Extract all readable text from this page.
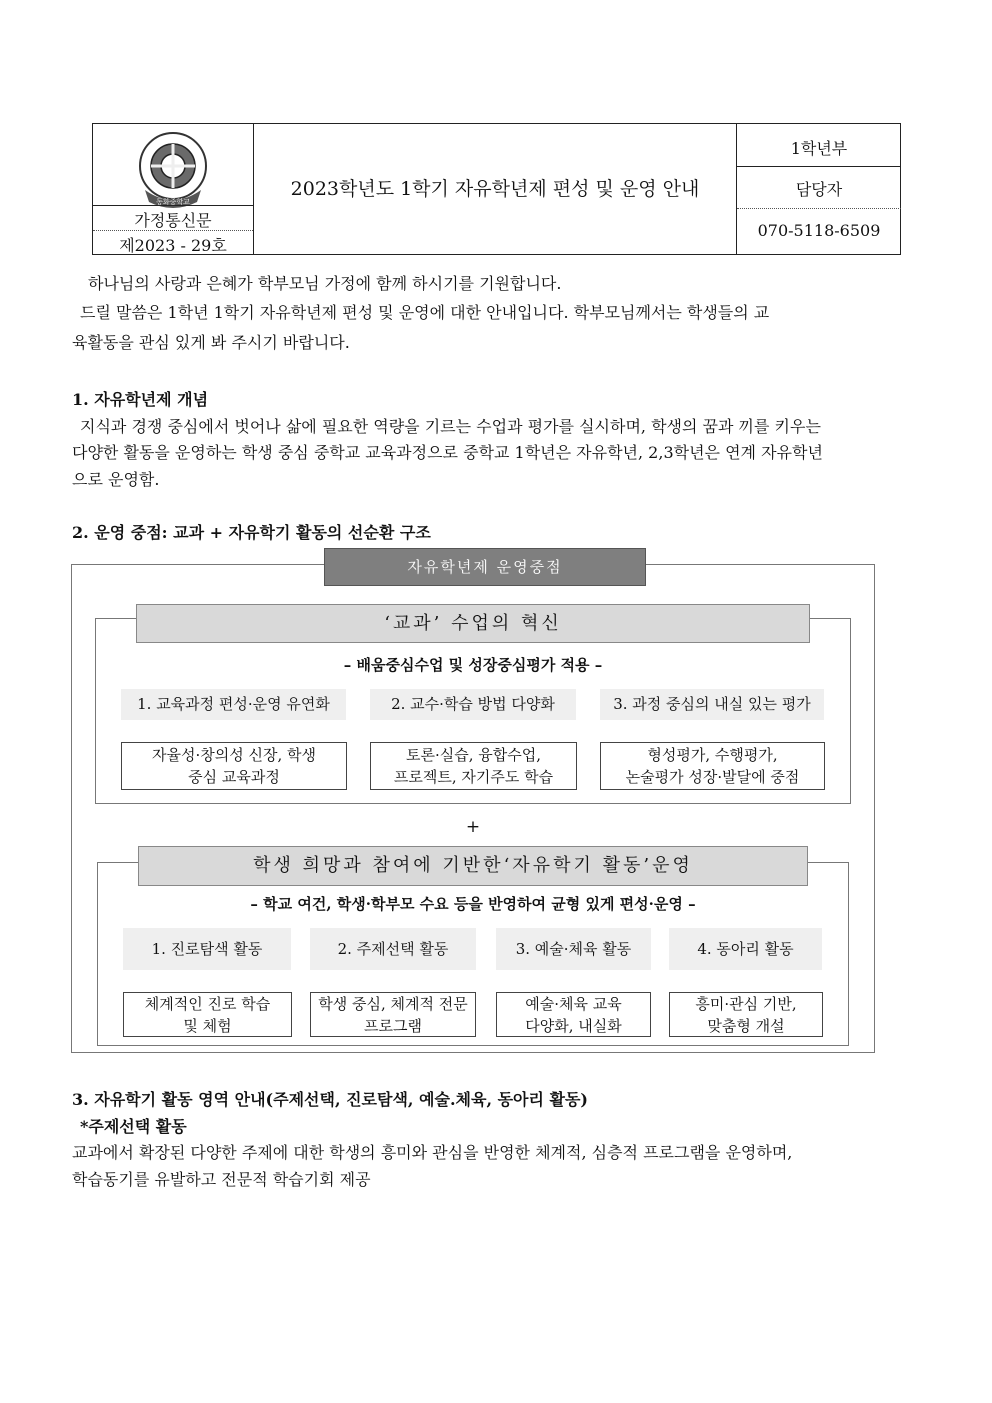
동화중학교
가정통신문
제2023 - 29호
2023학년도 1학기 자유학년제 편성 및 운영 안내
1학년부
담당자
070-5118-6509

하나님의 사랑과 은혜가 학부모님 가정에 함께 하시기를 기원합니다.

드릴 말씀은 1학년 1학기 자유학년제 편성 및 운영에 대한 안내입니다. 학부모님께서는 학생들의 교

육활동을 관심 있게 봐 주시기 바랍니다.

1. 자유학년제 개념

지식과 경쟁 중심에서 벗어나 삶에 필요한 역량을 기르는 수업과 평가를 실시하며, 학생의 꿈과 끼를 키우는

다양한 활동을 운영하는 학생 중심 중학교 교육과정으로 중학교 1학년은 자유학년, 2,3학년은 연계 자유학년

으로 운영함.

2. 운영 중점: 교과 + 자유학기 활동의 선순환 구조

자유학년제 운영중점
‘교과’ 수업의 혁신
– 배움중심수업 및 성장중심평가 적용 –
1. 교육과정 편성·운영 유연화	2. 교수·학습 방법 다양화	3. 과정 중심의 내실 있는 평가
자율성·창의성 신장, 학생
중심 교육과정
토론·실습, 융합수업,
프로젝트, 자기주도 학습
형성평가, 수행평가,
논술평가 성장·발달에 중점
+
학생 희망과 참여에 기반한‘자유학기 활동’운영
– 학교 여건, 학생·학부모 수요 등을 반영하여 균형 있게 편성·운영 –
1. 진로탐색 활동	2. 주제선택 활동	3. 예술·체육 활동	4. 동아리 활동
체계적인 진로 학습
및 체험
학생 중심, 체계적 전문
프로그램
예술·체육 교육
다양화, 내실화
흥미·관심 기반,
맞춤형 개설

3. 자유학기 활동 영역 안내(주제선택, 진로탐색, 예술.체육, 동아리 활동)

*주제선택 활동

교과에서 확장된 다양한 주제에 대한 학생의 흥미와 관심을 반영한 체계적, 심층적 프로그램을 운영하며,

학습동기를 유발하고 전문적 학습기회 제공
